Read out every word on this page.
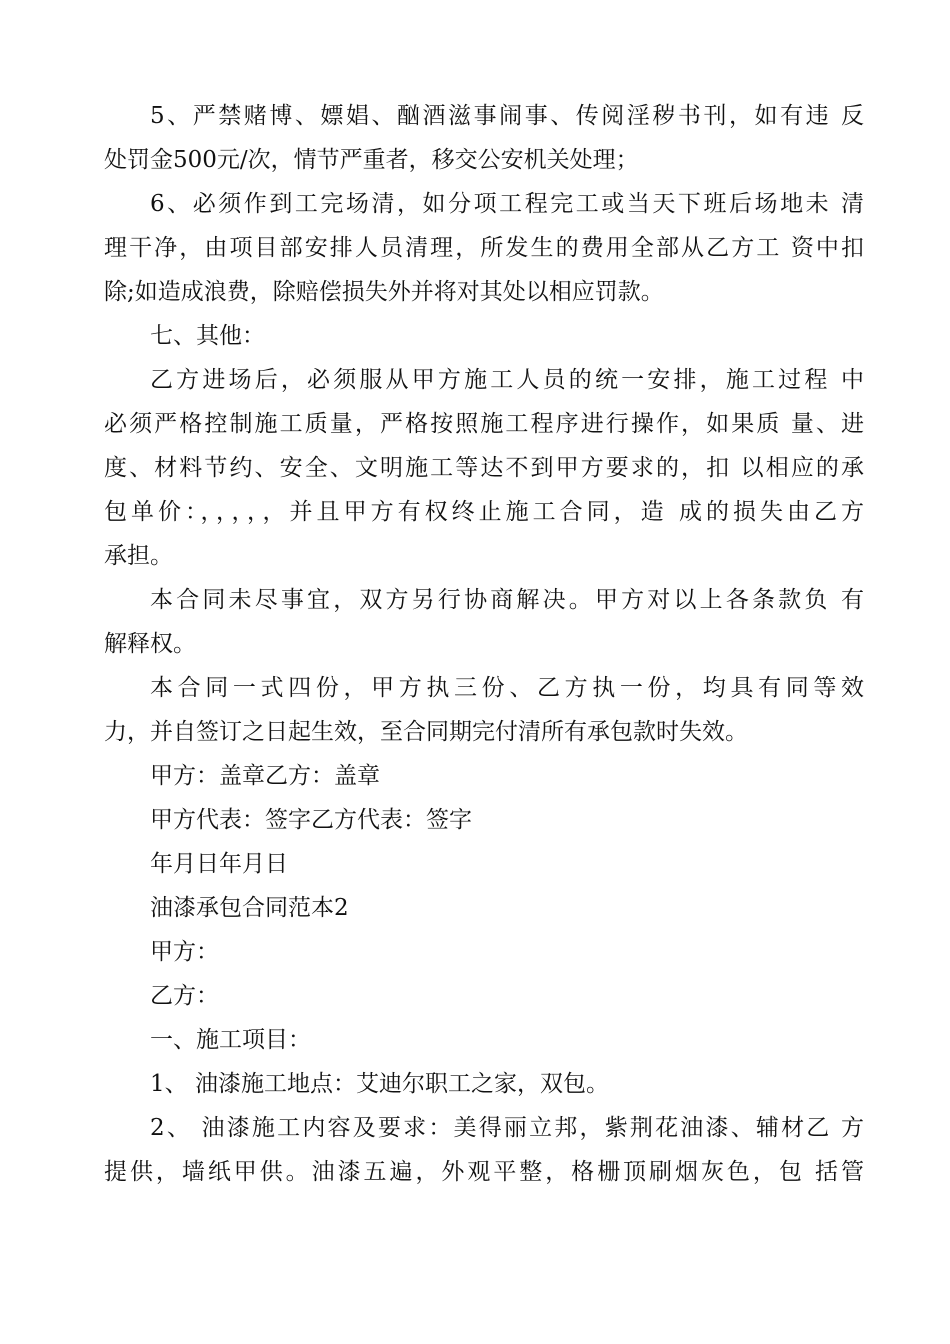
5、严禁赌博、嫖娼、酗酒滋事闹事、传阅淫秽书刊，如有违 反
处罚金500元/次，情节严重者，移交公安机关处理；
6、必须作到工完场清，如分项工程完工或当天下班后场地未 清
理干净，由项目部安排人员清理，所发生的费用全部从乙方工 资中扣
除;如造成浪费，除赔偿损失外并将对其处以相应罚款。
七、其他：
乙方进场后，必须服从甲方施工人员的统一安排，施工过程 中
必须严格控制施工质量，严格按照施工程序进行操作，如果质 量、进
度、材料节约、安全、文明施工等达不到甲方要求的，扣 以相应的承
包单价：，，，，，并且甲方有权终止施工合同，造 成的损失由乙方
承担。
本合同未尽事宜，双方另行协商解决。甲方对以上各条款负 有
解释权。
本合同一式四份，甲方执三份、乙方执一份，均具有同等效
力，并自签订之日起生效，至合同期完付清所有承包款时失效。
甲方：盖章乙方：盖章
甲方代表：签字乙方代表：签字
年月日年月日
油漆承包合同范本2
甲方：
乙方：
一、施工项目：
1、 油漆施工地点：艾迪尔职工之家，双包。
2、 油漆施工内容及要求：美得丽立邦，紫荆花油漆、辅材乙 方
提供，墙纸甲供。油漆五遍，外观平整，格栅顶刷烟灰色，包 括管
